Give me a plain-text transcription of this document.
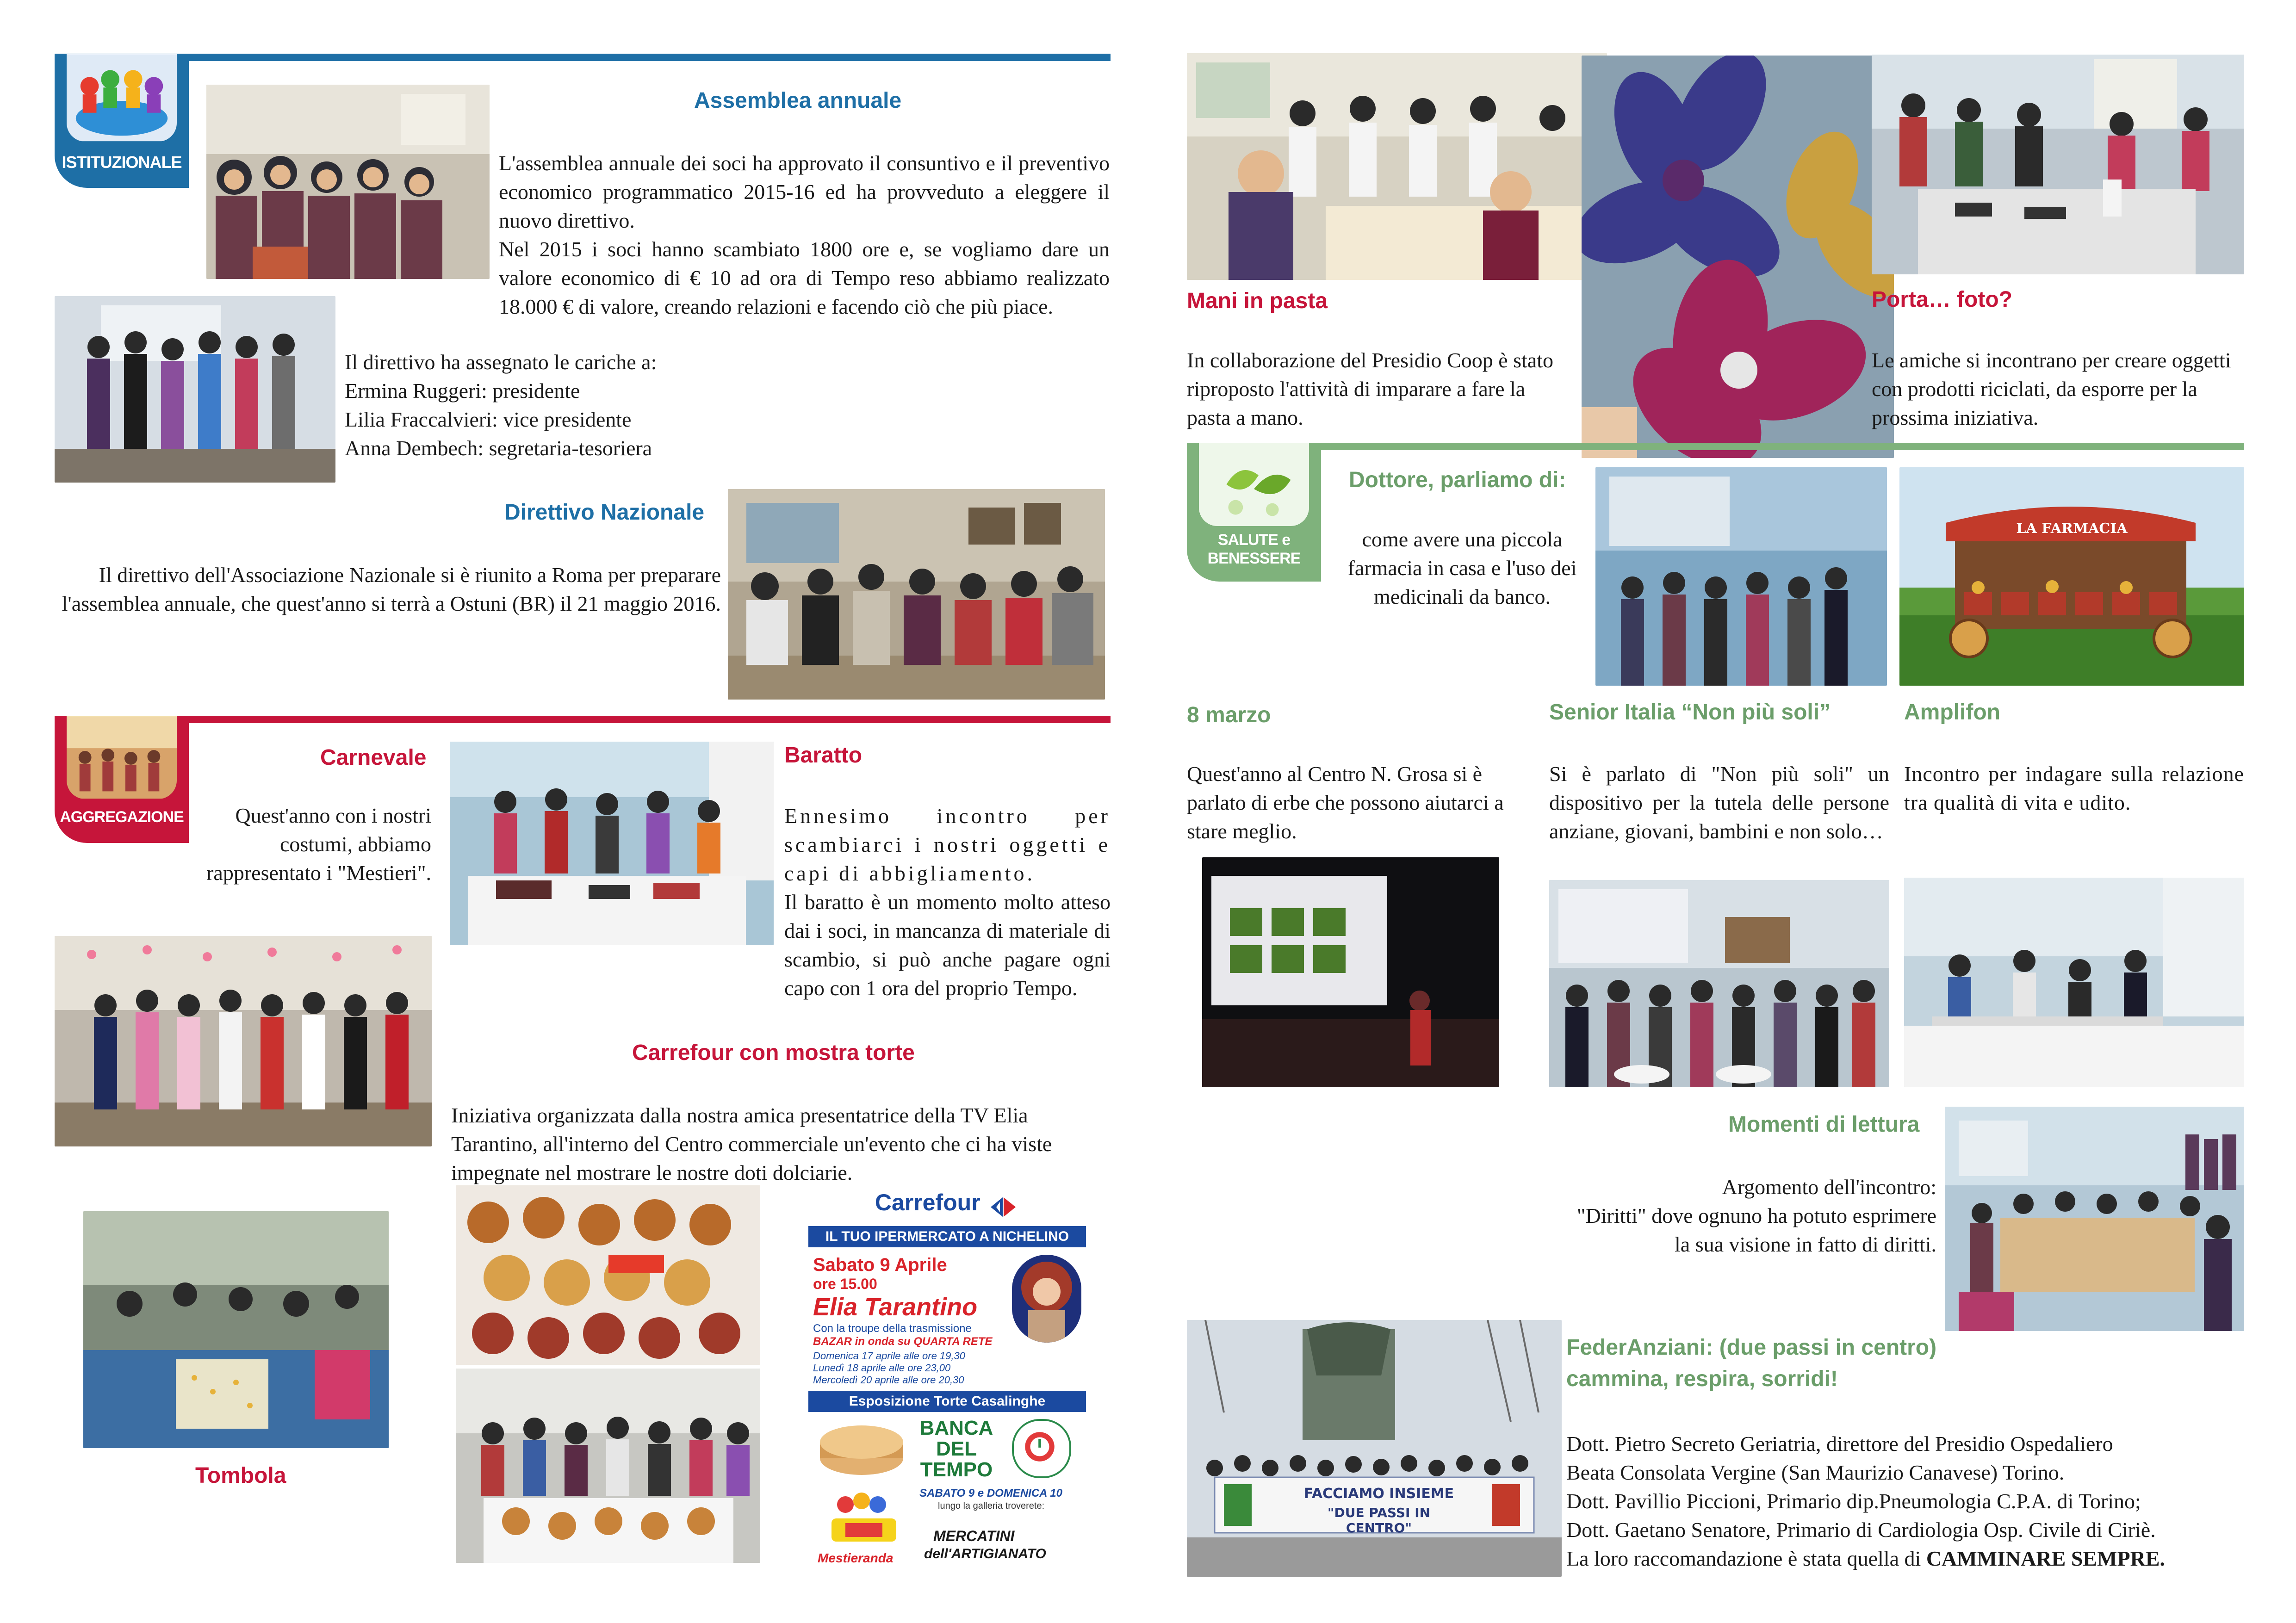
ISTITUZIONALE
Assemblea annuale
L'assemblea annuale dei soci ha approvato il consuntivo e il preventivo economico programmatico 2015-16 ed ha provveduto a eleggere il nuovo direttivo.
Nel 2015 i soci hanno scambiato 1800 ore e, se vogliamo dare un valore economico di € 10 ad ora di Tempo reso abbiamo realizzato 18.000 € di valore, creando relazioni e facendo ciò che più piace.
Il direttivo ha assegnato le cariche a:
Ermina Ruggeri: presidente
Lilia Fraccalvieri: vice presidente
Anna Dembech: segretaria-tesoriera
Direttivo Nazionale
Il direttivo dell'Associazione Nazionale si è riunito a Roma per preparare l'assemblea annuale, che quest'anno si terrà a Ostuni (BR) il 21 maggio 2016.
AGGREGAZIONE
Carnevale
Quest'anno con i nostri costumi, abbiamo rappresentato i "Mestieri".
Baratto
Ennesimo incontro per scambiarci i nostri oggetti e capi di abbigliamento.
Il baratto è un momento molto atteso dai i soci, in mancanza di materiale di scambio, si può anche pagare ogni capo con 1 ora del proprio Tempo.
Carrefour con mostra torte
Iniziativa organizzata dalla nostra amica presentatrice della TV Elia Tarantino, all'interno del Centro commerciale un'evento che ci ha viste impegnate nel mostrare le nostre doti dolciarie.
Tombola
Carrefour
IL TUO IPERMERCATO A NICHELINO
Sabato 9 Aprile
ore 15.00
Elia Tarantino
Con la troupe della trasmissione
BAZAR in onda su QUARTA RETE
Domenica 17 aprile alle ore 19,30
Lunedì 18 aprile alle ore 23,00
Mercoledì 20 aprile alle ore 20,30
Esposizione Torte Casalinghe
BANCA
DEL
TEMPO
SABATO 9 e DOMENICA 10
lungo la galleria troverete:
Mestieranda
MERCATINI
dell'ARTIGIANATO
Mani in pasta
In collaborazione del Presidio Coop è stato riproposto l'attività di imparare a fare la pasta a mano.
Porta… foto?
Le amiche si incontrano per creare oggetti con prodotti riciclati, da esporre per la prossima iniziativa.
SALUTE e BENESSERE
Dottore, parliamo di:
come avere una piccola farmacia in casa e l'uso dei medicinali da banco.
LA FARMACIA
8 marzo
Quest'anno al Centro N. Grosa si è parlato di erbe che possono aiutarci a stare meglio.
Senior Italia “Non più soli”
Si è parlato di "Non più soli" un dispositivo per la tutela delle persone anziane, giovani, bambini e non solo…
Amplifon
Incontro per indagare sulla relazione tra qualità di vita e udito.
Momenti di lettura
Argomento dell'incontro:
"Diritti" dove ognuno ha potuto esprimere
la sua visione in fatto di diritti.
FACCIAMO INSIEME
"DUE PASSI IN CENTRO"
FederAnziani: (due passi in centro)
cammina, respira, sorridi!
Dott. Pietro Secreto Geriatria, direttore del Presidio Ospedaliero
Beata Consolata Vergine (San Maurizio Canavese) Torino.
Dott. Pavillio Piccioni, Primario dip.Pneumologia C.P.A. di Torino;
Dott. Gaetano Senatore, Primario di Cardiologia Osp. Civile di Ciriè.
La loro raccomandazione è stata quella di CAMMINARE SEMPRE.
